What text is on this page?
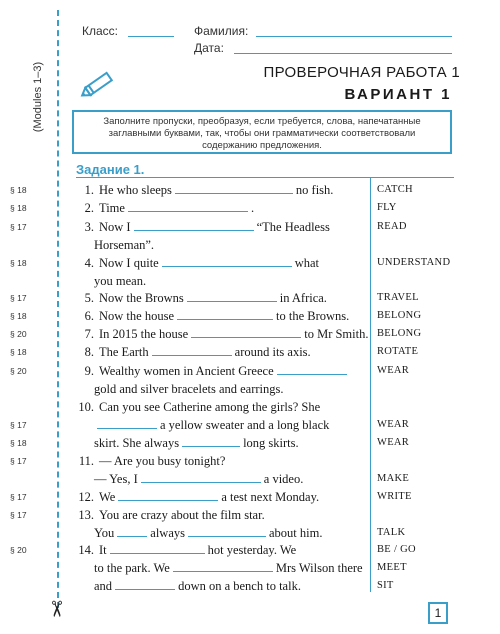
(Modules 1–3)
✂
Класс:	Фамилия:
Дата:
ПРОВЕРОЧНАЯ РАБОТА 1
ВАРИАНТ 1
Заполните пропуски, преобразуя, если требуется, слова, напечатанные заглавными буквами, так, чтобы они грамматически соответствовали содержанию предложения.
Задание 1.
§ 18	1. He who sleeps	no fish.	CATCH
§ 18	2. Time	.	FLY
§ 17	3. Now I	“The Headless	READ
Horseman”.
§ 18	4. Now I quite	what	UNDERSTAND
you mean.
§ 17	5. Now the Browns	in Africa.	TRAVEL
§ 18	6. Now the house	to the Browns.	BELONG
§ 20	7. In 2015 the house	to Mr Smith. BELONG
§ 18	8. The Earth	around its axis.	ROTATE
§ 20	9. Wealthy women in Ancient Greece	WEAR
gold and silver bracelets and earrings.
10. Can you see Catherine among the girls? She
§ 17	a yellow sweater and a long black	WEAR
§ 18	skirt. She always	long skirts.	WEAR
§ 17	11. — Are you busy tonight?
— Yes, I	a video.	MAKE
§ 17	12. We	a test next Monday.	WRITE
§ 17	13. You are crazy about the film star.
You	always	about him.	TALK
§ 20	14. It	hot yesterday. We	BE / GO
to the park. We	Mrs Wilson there	MEET
and	down on a bench to talk.	SIT
1
